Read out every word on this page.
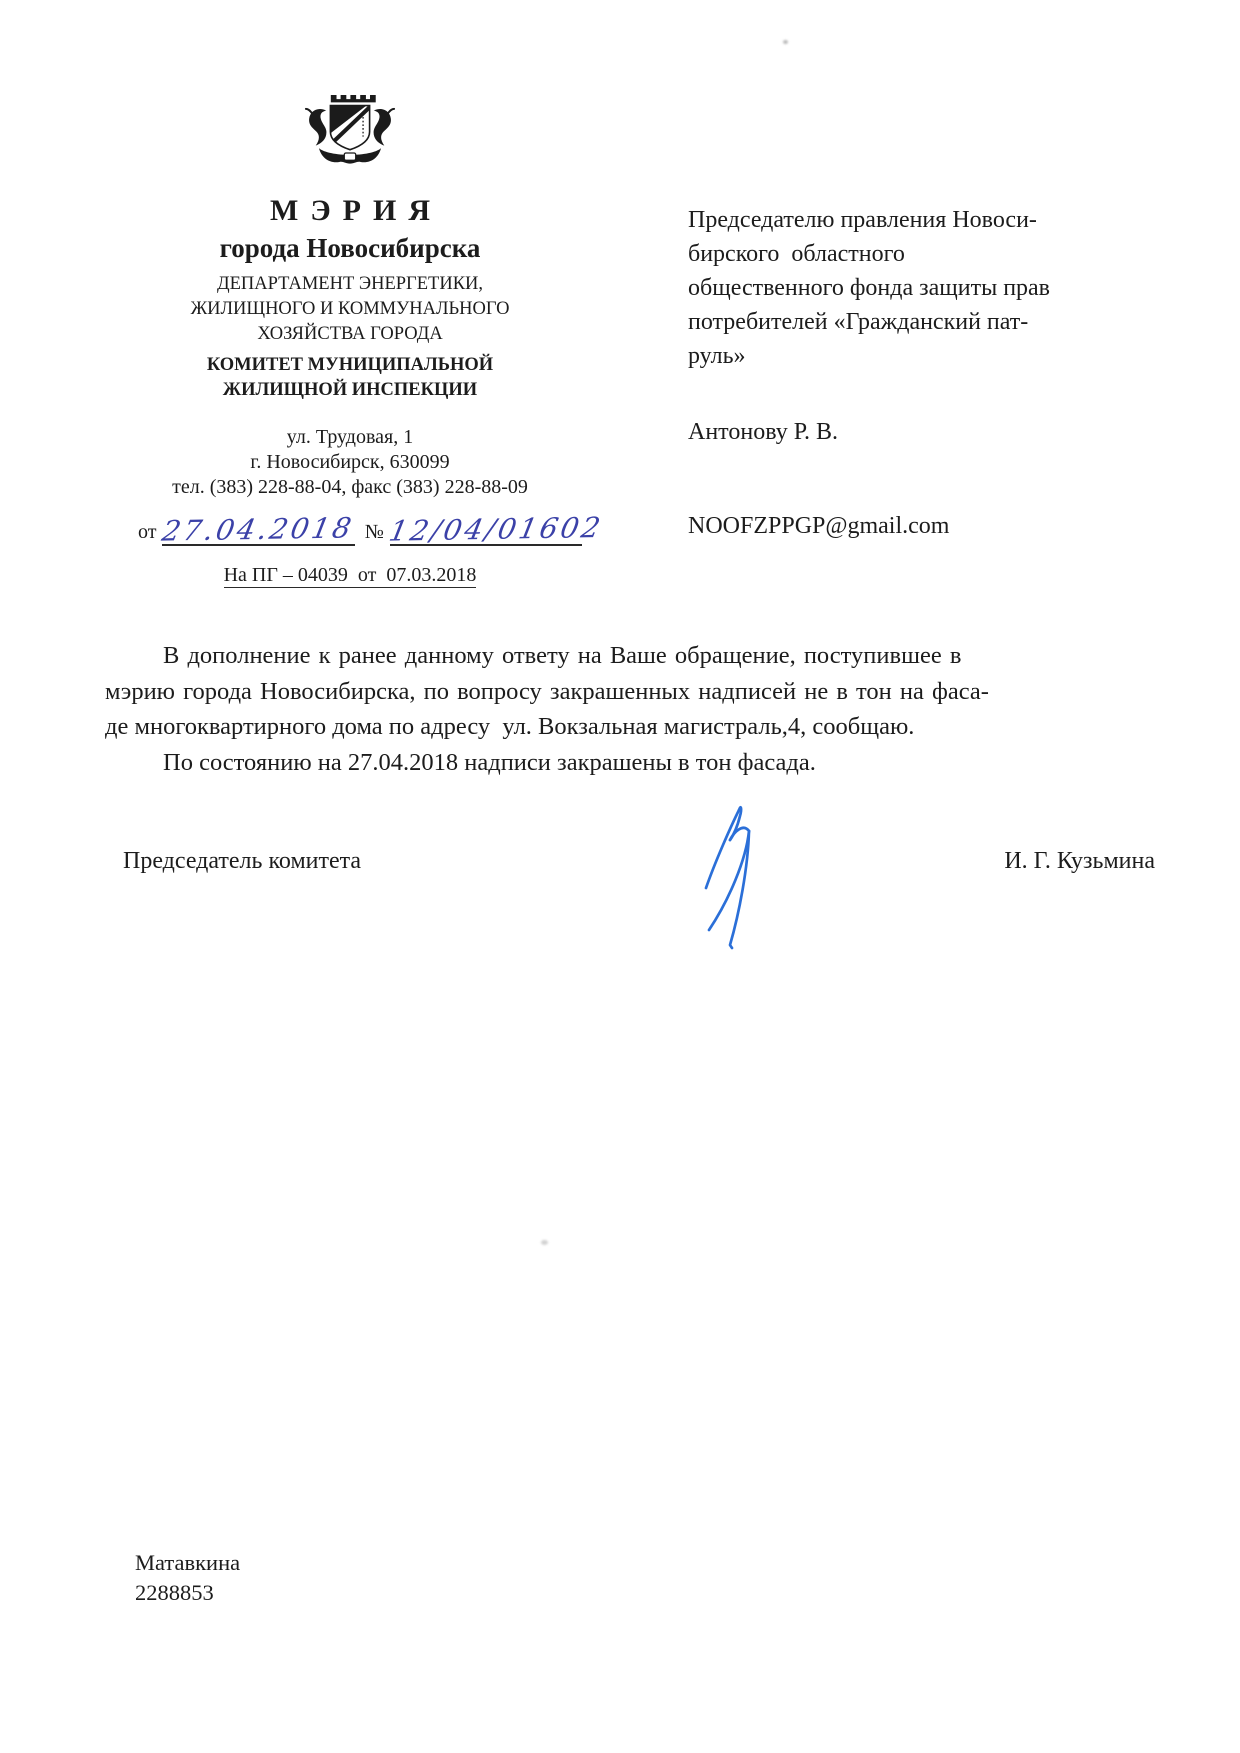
МЭРИЯ
города Новосибирска
ДЕПАРТАМЕНТ ЭНЕРГЕТИКИ,
ЖИЛИЩНОГО И КОММУНАЛЬНОГО
ХОЗЯЙСТВА ГОРОДА
КОМИТЕТ МУНИЦИПАЛЬНОЙ
ЖИЛИЩНОЙ ИНСПЕКЦИИ
ул. Трудовая, 1
г. Новосибирск, 630099
тел. (383) 228-88-04, факс (383) 228-88-09
от 27.04.2018 № 12/04/01602
На ПГ – 04039  от  07.03.2018
Председателю правления Новоси-
бирского  областного
общественного фонда защиты прав
потребителей «Гражданский пат-
руль»
Антонову Р. В.
NOOFZPPGP@gmail.com
В дополнение к ранее данному ответу на Ваше обращение, поступившее в
мэрию города Новосибирска, по вопросу закрашенных надписей не в тон на фаса-
де многоквартирного дома по адресу  ул. Вокзальная магистраль,4, сообщаю.
По состоянию на 27.04.2018 надписи закрашены в тон фасада.
Председатель комитета	И. Г. Кузьмина
Матавкина
2288853
